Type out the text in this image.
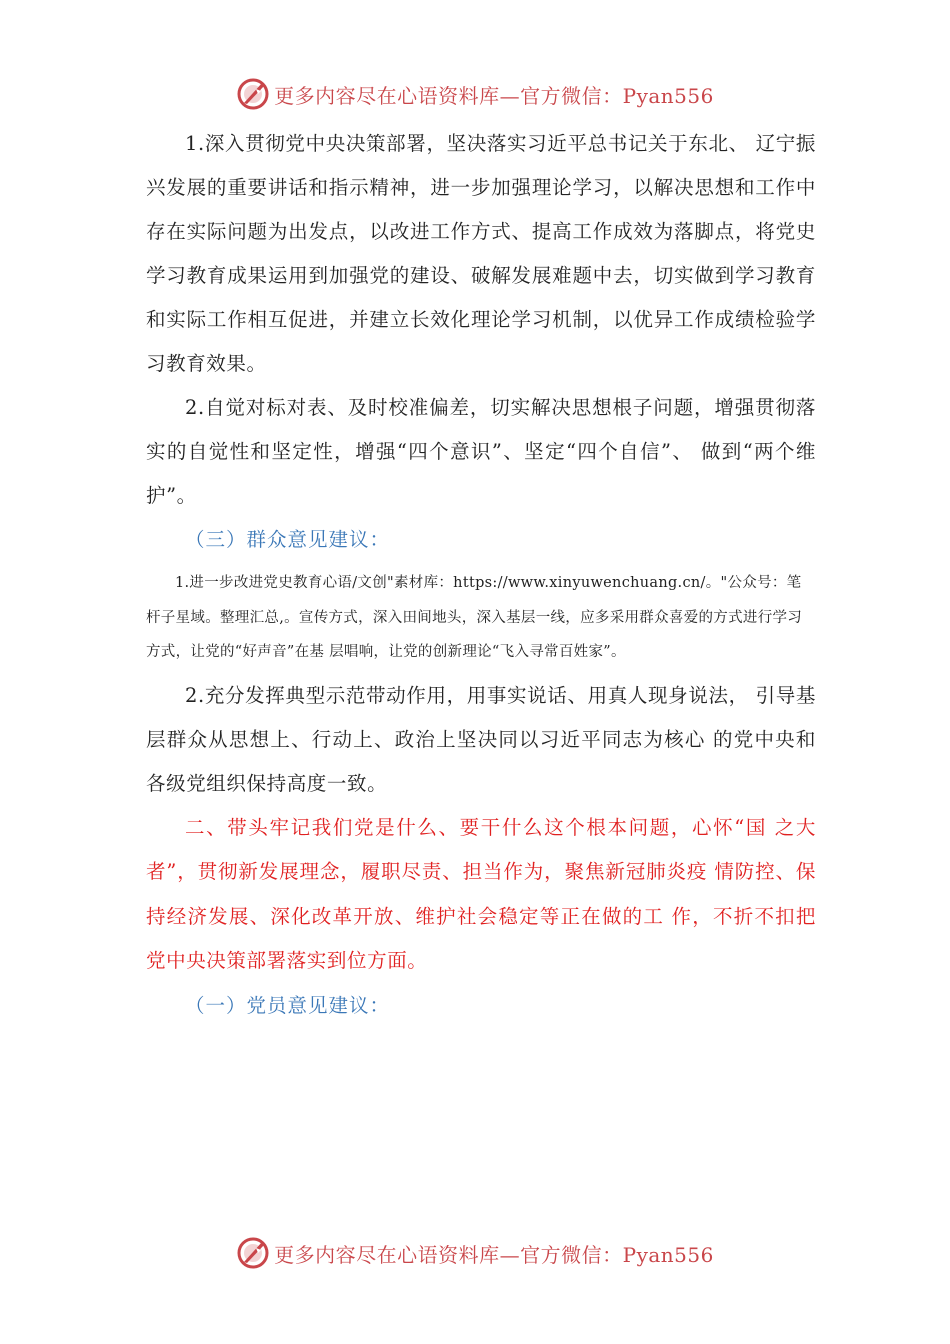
更多内容尽在心语资料库—官方微信：Pyan556

1.深入贯彻党中央决策部署，坚决落实习近平总书记关于东北、 辽宁振兴发展的重要讲话和指示精神，进一步加强理论学习，以解决思想和工作中存在实际问题为出发点，以改进工作方式、提高工作成效为落脚点，将党史学习教育成果运用到加强党的建设、破解发展难题中去，切实做到学习教育和实际工作相互促进，并建立长效化理论学习机制，以优异工作成绩检验学习教育效果。

2.自觉对标对表、及时校准偏差，切实解决思想根子问题，增强贯彻落实的自觉性和坚定性，增强“四个意识”、坚定“四个自信”、 做到“两个维护”。

（三）群众意见建议：

1.进一步改进党史教育心语/文创"素材库：https://www.xinyuwenchuang.cn/。"公众号：笔杆子星域。整理汇总,。宣传方式，深入田间地头，深入基层一线，应多采用群众喜爱的方式进行学习方式，让党的“好声音”在基 层唱响，让党的创新理论“飞入寻常百姓家”。

2.充分发挥典型示范带动作用，用事实说话、用真人现身说法， 引导基层群众从思想上、行动上、政治上坚决同以习近平同志为核心 的党中央和各级党组织保持高度一致。

二、带头牢记我们党是什么、要干什么这个根本问题，心怀“国 之大者”，贯彻新发展理念，履职尽责、担当作为，聚焦新冠肺炎疫 情防控、保持经济发展、深化改革开放、维护社会稳定等正在做的工 作，不折不扣把党中央决策部署落实到位方面。

（一）党员意见建议：

更多内容尽在心语资料库—官方微信：Pyan556
